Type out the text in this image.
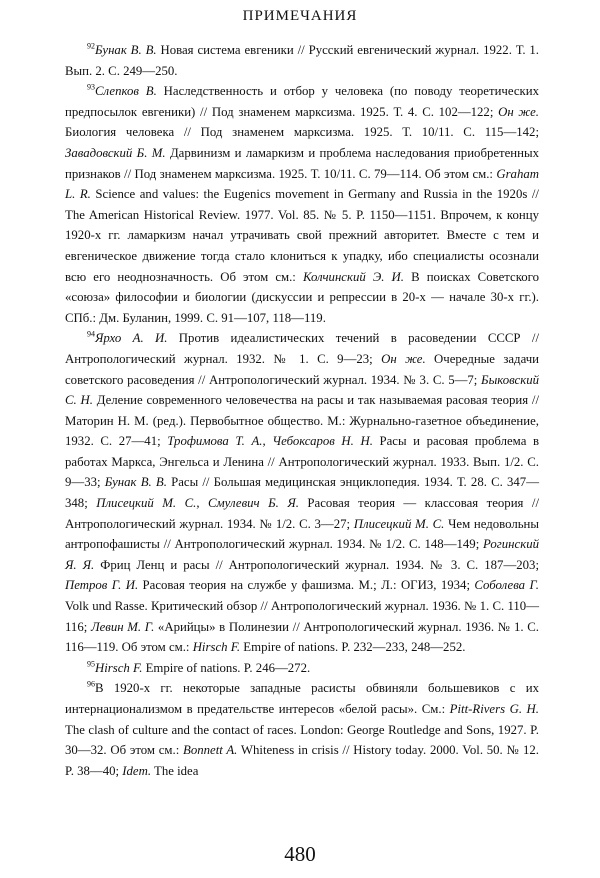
ПРИМЕЧАНИЯ

$^{92}$Бунак В. В. Новая система евгеники // Русский евгенический журнал. 1922. Т. 1. Вып. 2. С. 249—250.

$^{93}$Слепков В. Наследственность и отбор у человека (по поводу теоретических предпосылок евгеники) // Под знаменем марксизма. 1925. Т. 4. С. 102—122; Он же. Биология человека // Под знаменем марксизма. 1925. Т. 10/11. С. 115—142; Завадовский Б. М. Дарвинизм и ламаркизм и проблема наследования приобретенных признаков // Под знаменем марксизма. 1925. Т. 10/11. С. 79—114. Об этом см.: Graham L. R. Science and values: the Eugenics movement in Germany and Russia in the 1920s // The American Historical Review. 1977. Vol. 85. № 5. P. 1150—1151. Впрочем, к концу 1920-х гг. ламаркизм начал утрачивать свой прежний авторитет. Вместе с тем и евгеническое движение тогда стало клониться к упадку, ибо специалисты осознали всю его неоднозначность. Об этом см.: Колчинский Э. И. В поисках Советского «союза» философии и биологии (дискуссии и репрессии в 20-х — начале 30-х гг.). СПб.: Дм. Буланин, 1999. С. 91—107, 118—119.

$^{94}$Ярхо А. И. Против идеалистических течений в расоведении СССР // Антропологический журнал. 1932. № 1. С. 9—23; Он же. Очередные задачи советского расоведения // Антропологический журнал. 1934. № 3. С. 5—7; Быковский С. Н. Деление современного человечества на расы и так называемая расовая теория // Маторин Н. М. (ред.). Первобытное общество. М.: Журнально-газетное объединение, 1932. С. 27—41; Трофимова Т. А., Чебоксаров Н. Н. Расы и расовая проблема в работах Маркса, Энгельса и Ленина // Антропологический журнал. 1933. Вып. 1/2. С. 9—33; Бунак В. В. Расы // Большая медицинская энциклопедия. 1934. Т. 28. С. 347—348; Плисецкий М. С., Смулевич Б. Я. Расовая теория — классовая теория // Антропологический журнал. 1934. № 1/2. С. 3—27; Плисецкий М. С. Чем недовольны антропофашисты // Антропологический журнал. 1934. № 1/2. С. 148—149; Рогинский Я. Я. Фриц Ленц и расы // Антропологический журнал. 1934. № 3. С. 187—203; Петров Г. И. Расовая теория на службе у фашизма. М.; Л.: ОГИЗ, 1934; Соболева Г. Volk und Rasse. Критический обзор // Антропологический журнал. 1936. № 1. С. 110—116; Левин М. Г. «Арийцы» в Полинезии // Антропологический журнал. 1936. № 1. С. 116—119. Об этом см.: Hirsch F. Empire of nations. P. 232—233, 248—252.

$^{95}$Hirsch F. Empire of nations. P. 246—272.

$^{96}$В 1920-х гг. некоторые западные расисты обвиняли большевиков с их интернационализмом в предательстве интересов «белой расы». См.: Pitt-Rivers G. H. The clash of culture and the contact of races. London: George Routledge and Sons, 1927. P. 30—32. Об этом см.: Bonnett A. Whiteness in crisis // History today. 2000. Vol. 50. № 12. P. 38—40; Idem. The idea

480
